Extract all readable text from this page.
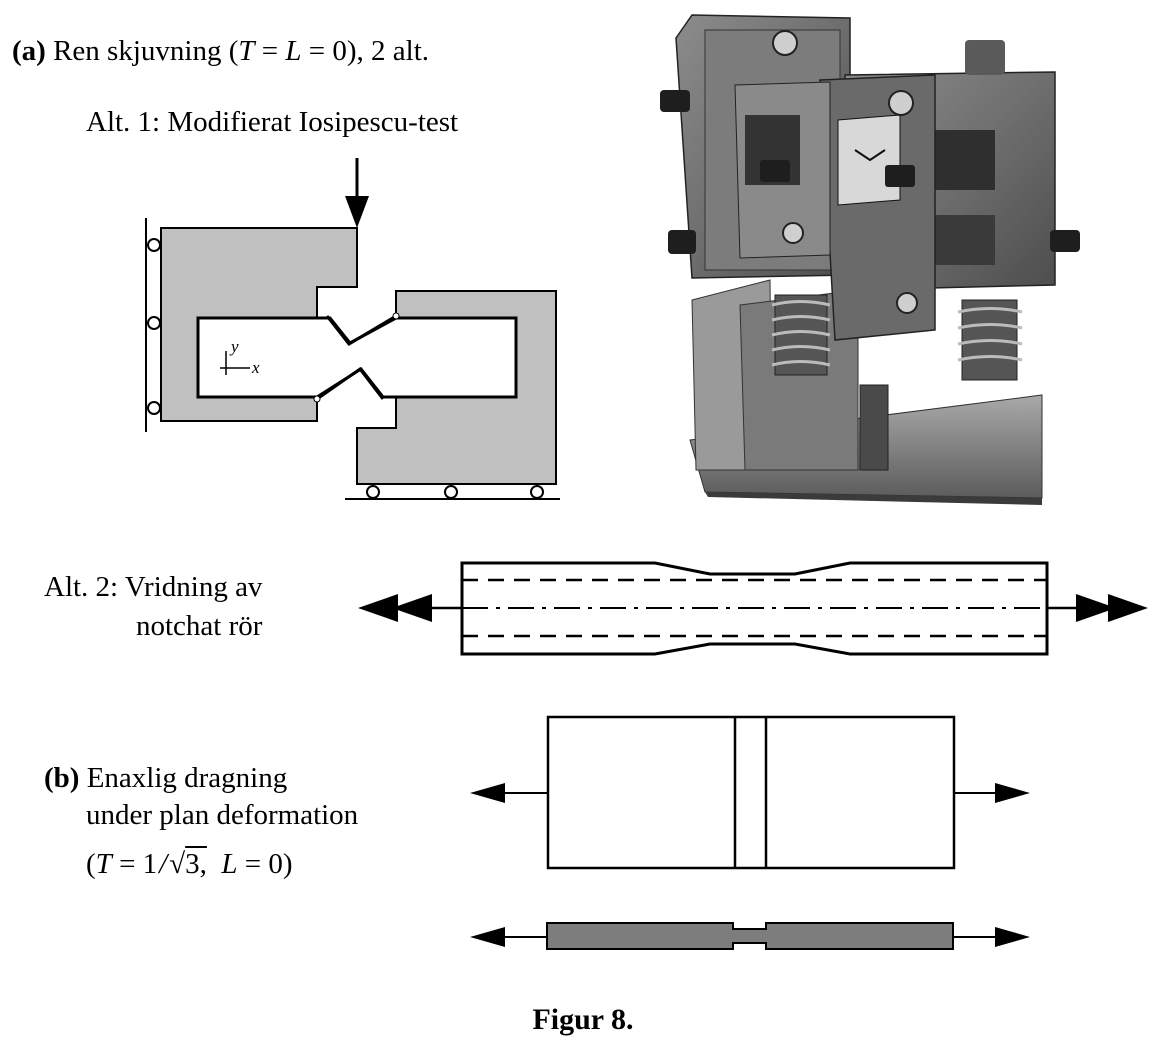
(a) Ren skjuvning (T = L = 0), 2 alt.
Alt. 1: Modifierat Iosipescu-test
Alt. 2: Vridning av
notchat rör
(b) Enaxlig dragning
under plan deformation
(T = 1/√3, L = 0)
Figur 8.
y
x
